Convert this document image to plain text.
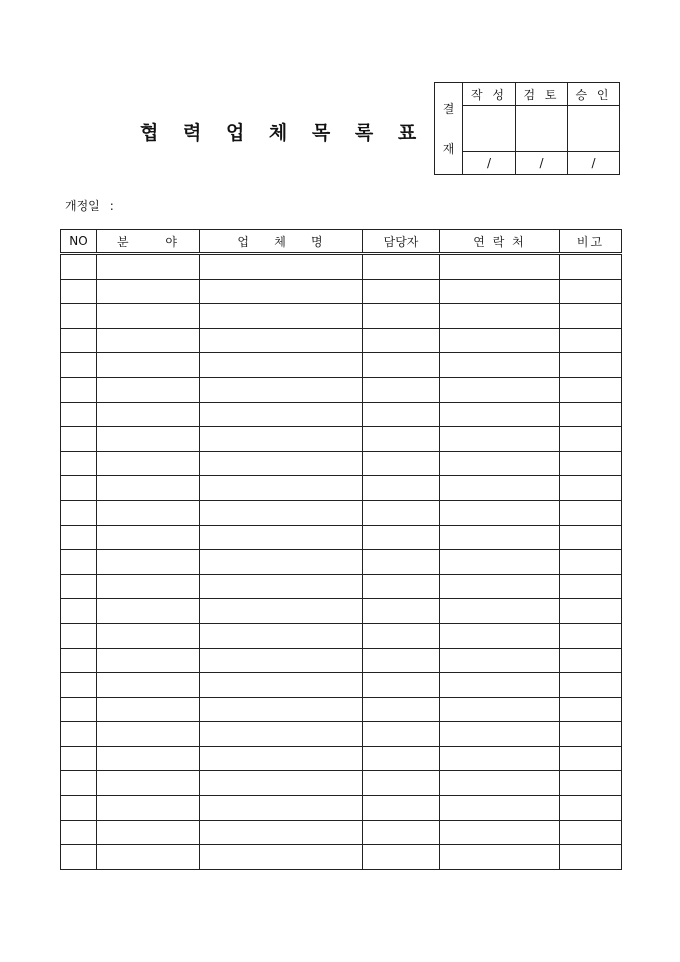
협 력 업 체 목 록 표
결
재	작 성	검 토	승 인

	/	/	/
개정일 :
NO	분      야	업    체    명	담당자	연 락 처	비고
